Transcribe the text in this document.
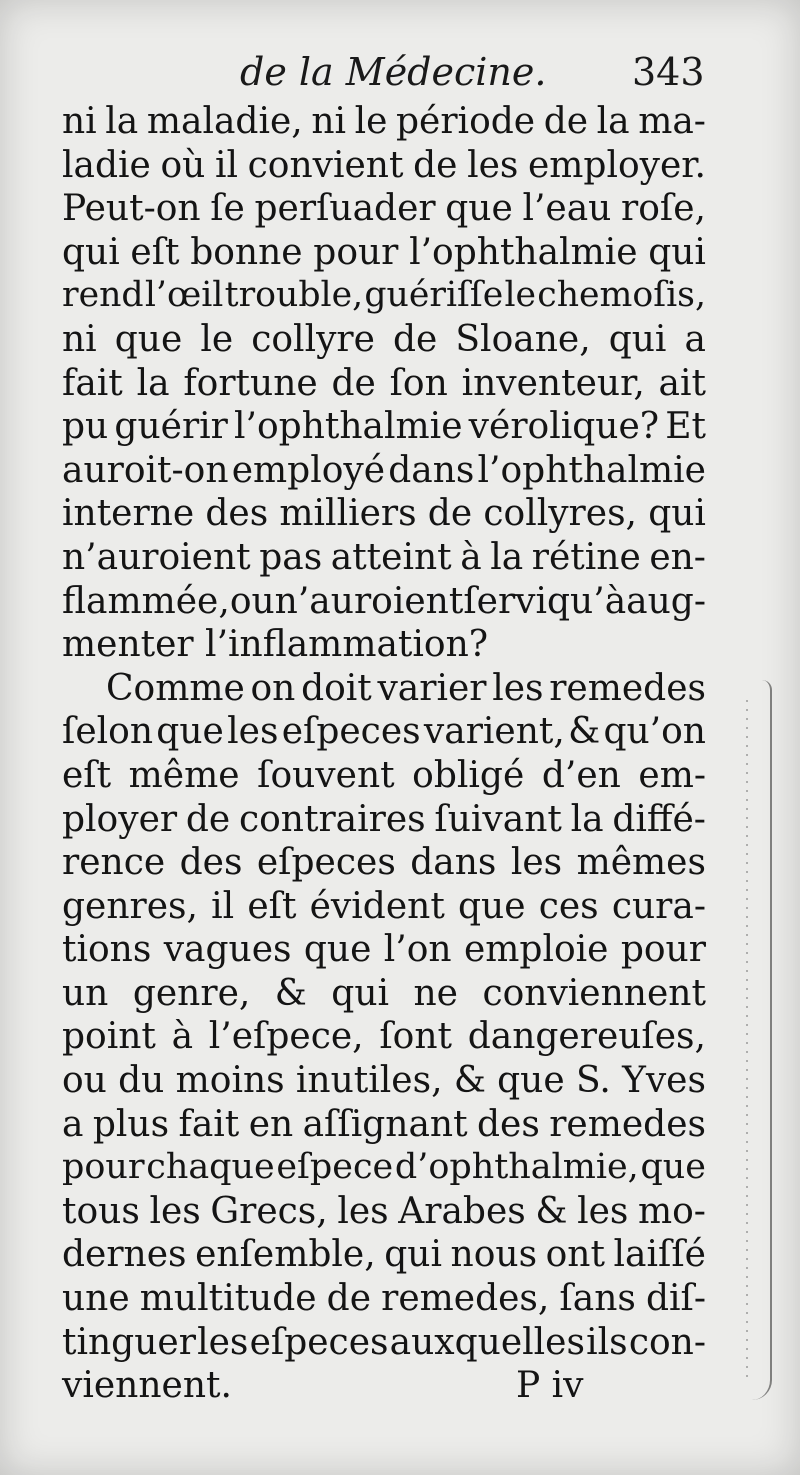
de la Médecine. 343
ni la maladie, ni le période de la ma-
ladie où il convient de les employer.
Peut-on ſe perſuader que l’eau roſe,
qui eſt bonne pour l’ophthalmie qui
rend l’œil trouble, guériſſe le chemoſis,
ni que le collyre de Sloane, qui a
fait la fortune de ſon inventeur, ait
pu guérir l’ophthalmie vérolique? Et
auroit-on employé dans l’ophthalmie
interne des milliers de collyres, qui
n’auroient pas atteint à la rétine en-
flammée, ou n’auroient ſervi qu’à aug-
menter l’inflammation?
Comme on doit varier les remedes
ſelon que les eſpeces varient, & qu’on
eſt même ſouvent obligé d’en em-
ployer de contraires ſuivant la diffé-
rence des eſpeces dans les mêmes
genres, il eſt évident que ces cura-
tions vagues que l’on emploie pour
un genre, & qui ne conviennent
point à l’eſpece, ſont dangereuſes,
ou du moins inutiles, & que S. Yves
a plus fait en aſſignant des remedes
pour chaque eſpece d’ophthalmie, que
tous les Grecs, les Arabes & les mo-
dernes enſemble, qui nous ont laiſſé
une multitude de remedes, ſans diſ-
tinguer les eſpeces auxquelles ils con-
viennent.	P iv
